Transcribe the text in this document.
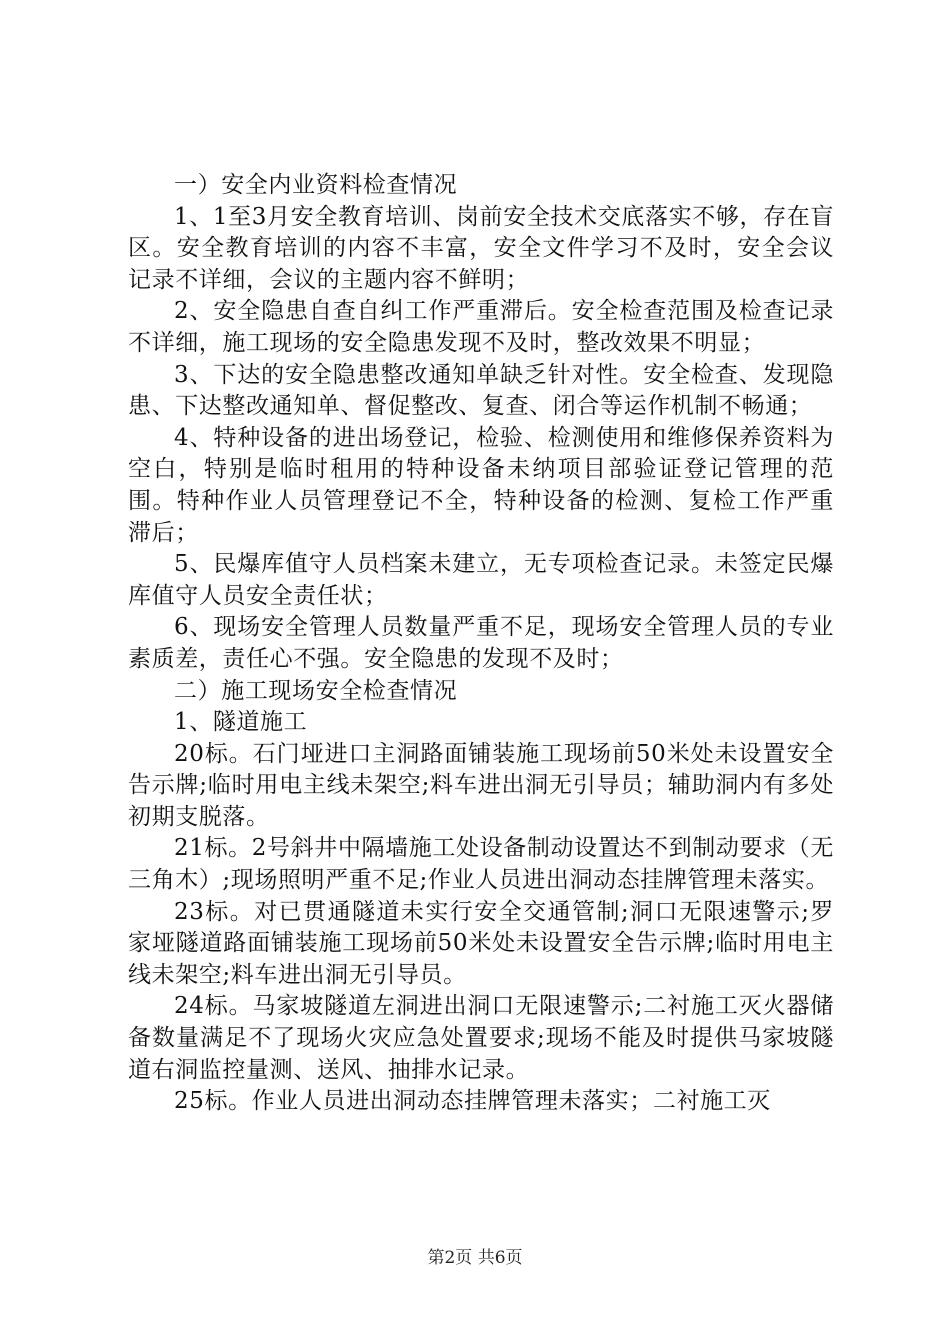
一）安全内业资料检查情况

1、1至3月安全教育培训、岗前安全技术交底落实不够，存在盲区。安全教育培训的内容不丰富，安全文件学习不及时，安全会议记录不详细，会议的主题内容不鲜明；

2、安全隐患自查自纠工作严重滞后。安全检查范围及检查记录不详细，施工现场的安全隐患发现不及时，整改效果不明显；

3、下达的安全隐患整改通知单缺乏针对性。安全检查、发现隐患、下达整改通知单、督促整改、复查、闭合等运作机制不畅通；

4、特种设备的进出场登记，检验、检测使用和维修保养资料为空白，特别是临时租用的特种设备未纳项目部验证登记管理的范围。特种作业人员管理登记不全，特种设备的检测、复检工作严重滞后；

5、民爆库值守人员档案未建立，无专项检查记录。未签定民爆库值守人员安全责任状；

6、现场安全管理人员数量严重不足，现场安全管理人员的专业素质差，责任心不强。安全隐患的发现不及时；

二）施工现场安全检查情况

1、隧道施工

20标。石门垭进口主洞路面铺装施工现场前50米处未设置安全告示牌;临时用电主线未架空;料车进出洞无引导员；辅助洞内有多处初期支脱落。

21标。2号斜井中隔墙施工处设备制动设置达不到制动要求（无三角木）;现场照明严重不足;作业人员进出洞动态挂牌管理未落实。

23标。对已贯通隧道未实行安全交通管制;洞口无限速警示;罗家垭隧道路面铺装施工现场前50米处未设置安全告示牌;临时用电主线未架空;料车进出洞无引导员。

24标。马家坡隧道左洞进出洞口无限速警示;二衬施工灭火器储备数量满足不了现场火灾应急处置要求;现场不能及时提供马家坡隧道右洞监控量测、送风、抽排水记录。

25标。作业人员进出洞动态挂牌管理未落实；二衬施工灭

第2页 共6页
